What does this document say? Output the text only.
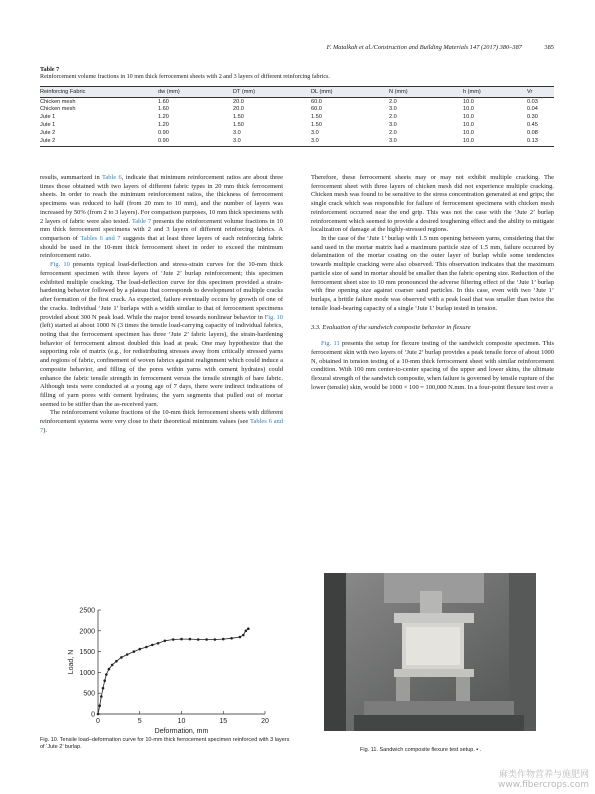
F. Matalkah et al./Construction and Building Materials 147 (2017) 380–387	385
Table 7
Reinforcement volume fractions in 10 mm thick ferrocement sheets with 2 and 3 layers of different reinforcing fabrics.
Reinforcing Fabric	dw (mm)	DT (mm)	DL (mm)	N (mm)	h (mm)	Vr
Chicken mesh	1.60	20.0	60.0	2.0	10.0	0.03
Chicken mesh	1.60	20.0	60.0	3.0	10.0	0.04
Jute 1	1.20	1.50	1.50	2.0	10.0	0.30
Jute 1	1.20	1.50	1.50	3.0	10.0	0.45
Jute 2	0.90	3.0	3.0	2.0	10.0	0.08
Jute 2	0.90	3.0	3.0	3.0	10.0	0.13

results, summarized in Table 6, indicate that minimum reinforcement ratios are about three times those obtained with two layers of different fabric types in 20 mm thick ferrocement sheets. In order to reach the minimum reinforcement ratios, the thickness of ferrocement specimens was reduced to half (from 20 mm to 10 mm), and the number of layers was increased by 50% (from 2 to 3 layers). For comparison purposes, 10 mm thick specimens with 2 layers of fabric were also tested. Table 7 presents the reinforcement volume fractions in 10 mm thick ferrocement specimens with 2 and 3 layers of different reinforcing fabrics. A comparison of Tables 6 and 7 suggests that at least three layers of each reinforcing fabric should be used in the 10-mm thick ferrocement sheet in order to exceed the minimum reinforcement ratio.

Fig. 10 presents typical load-deflection and stress-strain curves for the 10-mm thick ferrocement specimen with three layers of ‘Jute 2’ burlap reinforcement; this specimen exhibited multiple cracking. The load-deflection curve for this specimen provided a strain-hardening behavior followed by a plateau that corresponds to development of multiple cracks after formation of the first crack. As expected, failure eventually occurs by growth of one of the cracks. Individual ‘Jute 1’ burlaps with a width similar to that of ferrocement specimens provided about 300 N peak load. While the major trend towards nonlinear behavior in Fig. 10 (left) started at about 1000 N (3 times the tensile load-carrying capacity of individual fabrics, noting that the ferrocement specimen has three ‘Jute 2’ fabric layers), the strain-hardening behavior of ferrocement almost doubled this load at peak. One may hypothesize that the supporting role of matrix (e.g., for redistributing stresses away from critically stressed yarns and regions of fabric, confinement of woven fabrics against realignment which could induce a composite behavior, and filling of the pores within yarns with cement hydrates) could enhance the fabric tensile strength in ferrocement versus the tensile strength of bare fabric. Although tests were conducted at a young age of 7 days, there were indirect indications of filling of yarn pores with cement hydrates; the yarn segments that pulled out of mortar seemed to be stiffer than the as-received yarn.

The reinforcement volume fractions of the 10-mm thick ferrocement sheets with different reinforcement systems were very close to their theoretical minimum values (see Tables 6 and 7).

Therefore, these ferrocement sheets may or may not exhibit multiple cracking. The ferrocement sheet with three layers of chicken mesh did not experience multiple cracking. Chicken mesh was found to be sensitive to the stress concentration generated at end grips; the single crack which was responsible for failure of ferrocement specimens with chicken mesh reinforcement occurred near the end grip. This was not the case with the ‘Jute 2’ burlap reinforcement which seemed to provide a desired toughening effect and the ability to mitigate localization of damage at the highly-stressed regions.

In the case of the ‘Jute 1’ burlap with 1.5 mm opening between yarns, considering that the sand used in the mortar matrix had a maximum particle size of 1.5 mm, failure occurred by delamination of the mortar coating on the outer layer of burlap while some tendencies towards multiple cracking were also observed. This observation indicates that the maximum particle size of sand in mortar should be smaller than the fabric opening size. Reduction of the ferrocement sheet size to 10 mm pronounced the adverse filtering effect of the ‘Jute 1’ burlap with fine opening size against coarser sand particles. In this case, even with two ‘Jute 1’ burlaps, a brittle failure mode was observed with a peak load that was smaller than twice the tensile load-bearing capacity of a single ‘Jute 1’ burlap tested in tension.

3.3. Evaluation of the sandwich composite behavior in flexure

Fig. 11 presents the setup for flexure testing of the sandwich composite specimen. This ferrocement skin with two layers of ‘Jute 2’ burlap provides a peak tensile force of about 1000 N, obtained in tension testing of a 10-mm thick ferrocement sheet with similar reinforcement condition. With 100 mm center-to-center spacing of the upper and lower skins, the ultimate flexural strength of the sandwich composite, when failure is governed by tensile rupture of the lower (tensile) skin, would be 1000 × 100 = 100,000 N.mm. In a four-point flexure test over a

0	5	10	15	20
0
500
1000
1500
2000
2500
Deformation, mm
Load, N
Fig. 10. Tensile load–deformation curve for 10-mm thick ferrocement specimen reinforced with 3 layers of ‘Jute 2’ burlap.	Fig. 11. Sandwich composite flexure test setup. ▪ .
麻类作物营养与施肥网
www.fibercrops.com
